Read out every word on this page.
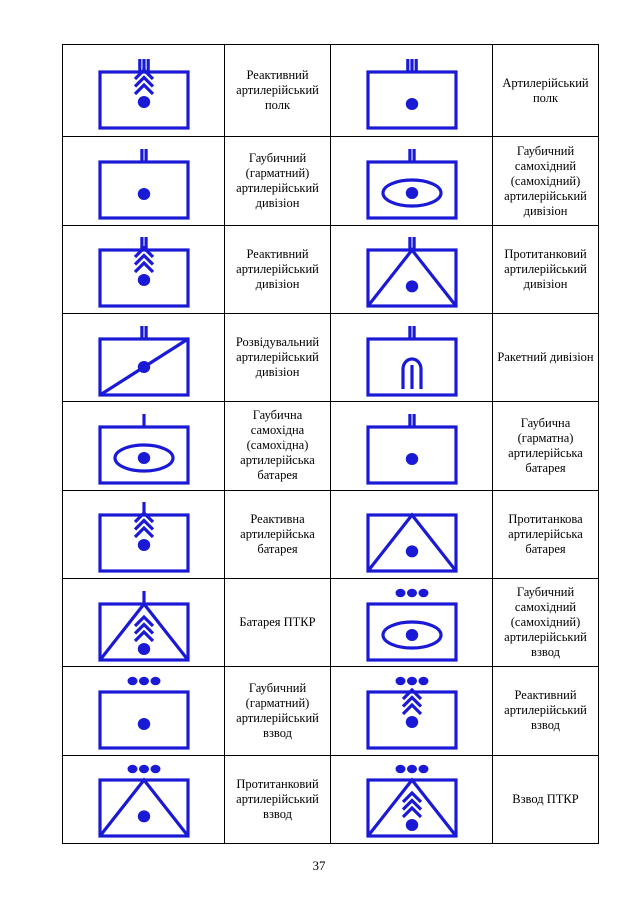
	Реактивний
артилерійський
полк		Артилерійський
полк

	Гаубичний
(гарматний)
артилерійський
дивізіон		Гаубичний
самохідний
(самохідний)
артилерійський
дивізіон

	Реактивний
артилерійський
дивізіон		Протитанковий
артилерійський
дивізіон

	Розвідувальний
артилерійський
дивізіон		Ракетний дивізіон

	Гаубична
самохідна
(самохідна)
артилерійська
батарея		Гаубична
(гарматна)
артилерійська
батарея

	Реактивна
артилерійська
батарея		Протитанкова
артилерійська
батарея

	Батарея ПТКР		Гаубичний
самохідний
(самохідний)
артилерійський
взвод

	Гаубичний
(гарматний)
артилерійський
взвод		Реактивний
артилерійський
взвод

	Протитанковий
артилерійський
взвод		Взвод ПТКР
37
